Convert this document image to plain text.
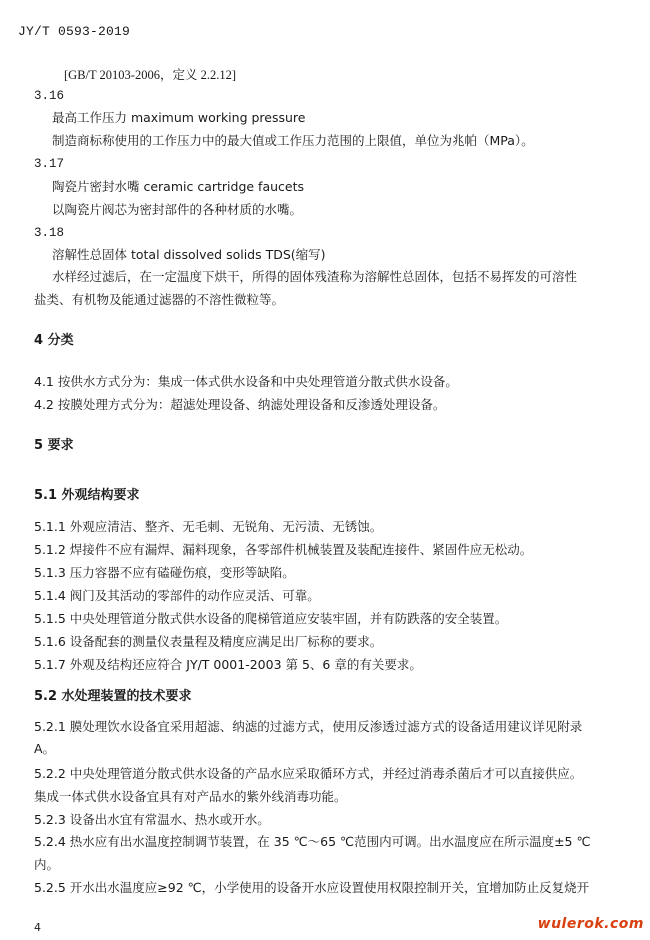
JY/T 0593-2019
[GB/T 20103-2006，定义 2.2.12]
3.16
最高工作压力 maximum working pressure
制造商标称使用的工作压力中的最大值或工作压力范围的上限值，单位为兆帕（MPa）。
3.17
陶瓷片密封水嘴 ceramic cartridge faucets
以陶瓷片阀芯为密封部件的各种材质的水嘴。
3.18
溶解性总固体 total dissolved solids TDS(缩写)
水样经过滤后，在一定温度下烘干，所得的固体残渣称为溶解性总固体，包括不易挥发的可溶性
盐类、有机物及能通过滤器的不溶性微粒等。
4 分类
4.1 按供水方式分为：集成一体式供水设备和中央处理管道分散式供水设备。
4.2 按膜处理方式分为：超滤处理设备、纳滤处理设备和反渗透处理设备。
5 要求
5.1 外观结构要求
5.1.1 外观应清洁、整齐、无毛刺、无锐角、无污渍、无锈蚀。
5.1.2 焊接件不应有漏焊、漏料现象，各零部件机械装置及装配连接件、紧固件应无松动。
5.1.3 压力容器不应有磕碰伤痕，变形等缺陷。
5.1.4 阀门及其活动的零部件的动作应灵活、可靠。
5.1.5 中央处理管道分散式供水设备的爬梯管道应安装牢固，并有防跌落的安全装置。
5.1.6 设备配套的测量仪表量程及精度应满足出厂标称的要求。
5.1.7 外观及结构还应符合 JY/T 0001-2003 第 5、6 章的有关要求。
5.2 水处理装置的技术要求
5.2.1 膜处理饮水设备宜采用超滤、纳滤的过滤方式，使用反渗透过滤方式的设备适用建议详见附录
A。
5.2.2 中央处理管道分散式供水设备的产品水应采取循环方式，并经过消毒杀菌后才可以直接供应。
集成一体式供水设备宜具有对产品水的紫外线消毒功能。
5.2.3 设备出水宜有常温水、热水或开水。
5.2.4 热水应有出水温度控制调节装置，在 35 ℃～65 ℃范围内可调。出水温度应在所示温度±5 ℃
内。
5.2.5 开水出水温度应≥92 ℃，小学使用的设备开水应设置使用权限控制开关，宜增加防止反复烧开
4	wulerok.com
